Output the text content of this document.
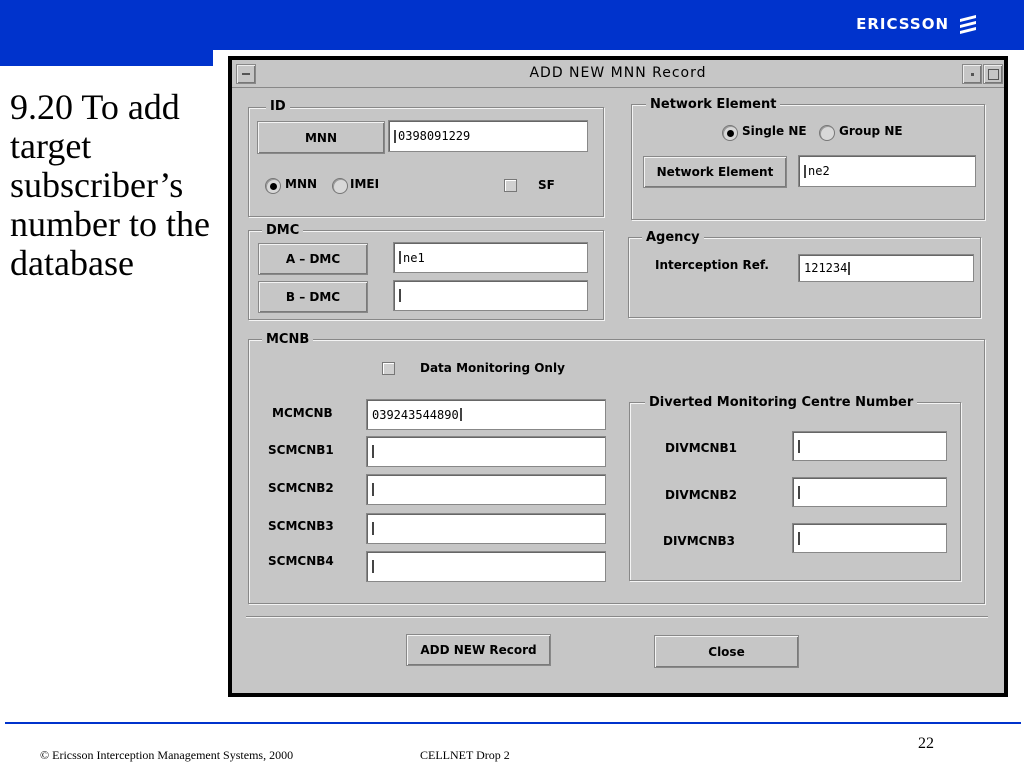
ERICSSON
9.20 To add target subscriber’s number to the database
ADD NEW MNN Record
ID
MNN	0398091229
MNN	IMEI	SF
Network Element
Single NE	Group NE
Network Element	ne2
DMC
A – DMC	ne1
B – DMC
Agency
Interception Ref.	121234
MCNB
Data Monitoring Only
MCMCNB	039243544890
SCMCNB1
SCMCNB2
SCMCNB3
SCMCNB4
Diverted Monitoring Centre Number
DIVMCNB1
DIVMCNB2
DIVMCNB3
ADD NEW Record	Close
© Ericsson Interception Management Systems, 2000	CELLNET Drop 2
22
